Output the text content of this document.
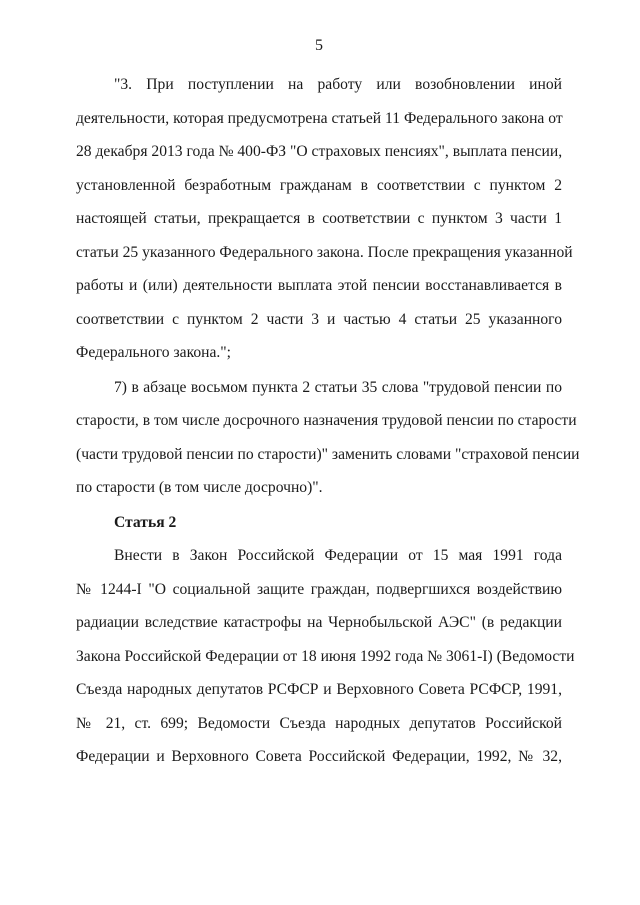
5
"3. При поступлении на работу или возобновлении иной
деятельности, которая предусмотрена статьей 11 Федерального закона от
28 декабря 2013 года № 400-ФЗ "О страховых пенсиях", выплата пенсии,
установленной безработным гражданам в соответствии с пунктом 2
настоящей статьи, прекращается в соответствии с пунктом 3 части 1
статьи 25 указанного Федерального закона. После прекращения указанной
работы и (или) деятельности выплата этой пенсии восстанавливается в
соответствии с пунктом 2 части 3 и частью 4 статьи 25 указанного
Федерального закона.";
7) в абзаце восьмом пункта 2 статьи 35 слова "трудовой пенсии по
старости, в том числе досрочного назначения трудовой пенсии по старости
(части трудовой пенсии по старости)" заменить словами "страховой пенсии
по старости (в том числе досрочно)".
Статья 2
Внести в Закон Российской Федерации от 15 мая 1991 года
№ 1244-I "О социальной защите граждан, подвергшихся воздействию
радиации вследствие катастрофы на Чернобыльской АЭС" (в редакции
Закона Российской Федерации от 18 июня 1992 года № 3061-I) (Ведомости
Съезда народных депутатов РСФСР и Верховного Совета РСФСР, 1991,
№ 21, ст. 699; Ведомости Съезда народных депутатов Российской
Федерации и Верховного Совета Российской Федерации, 1992, № 32,
